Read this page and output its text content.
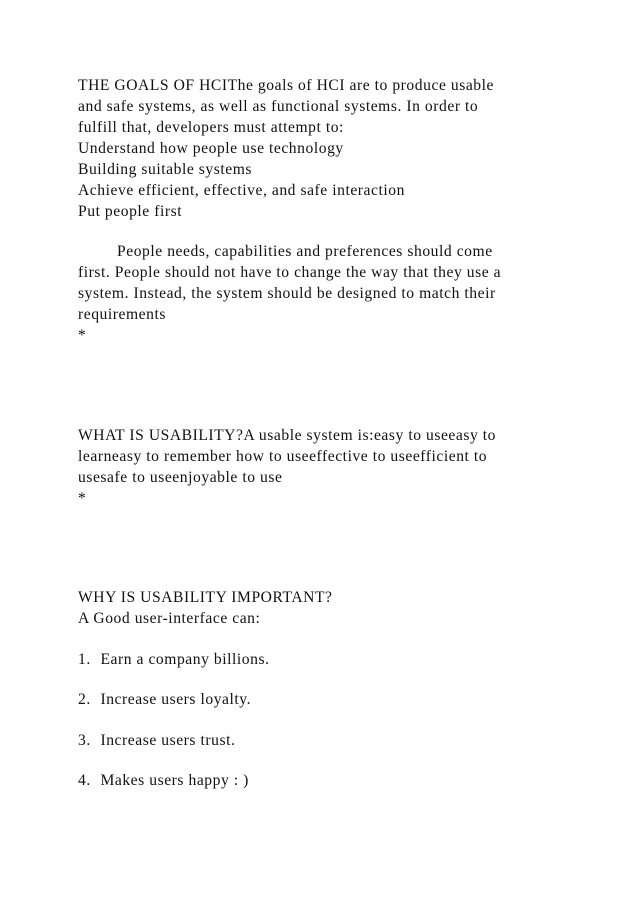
THE GOALS OF HCIThe goals of HCI are to produce usable
and safe systems, as well as functional systems. In order to
fulfill that, developers must attempt to:
Understand how people use technology
Building suitable systems
Achieve efficient, effective, and safe interaction
Put people first
People needs, capabilities and preferences should come
first. People should not have to change the way that they use a
system. Instead, the system should be designed to match their
requirements
*
WHAT IS USABILITY?A usable system is:easy to useeasy to
learneasy to remember how to useeffective to useefficient to
usesafe to useenjoyable to use
*
WHY IS USABILITY IMPORTANT?
A Good user-interface can:
1. Earn a company billions.
2. Increase users loyalty.
3. Increase users trust.
4. Makes users happy : )
